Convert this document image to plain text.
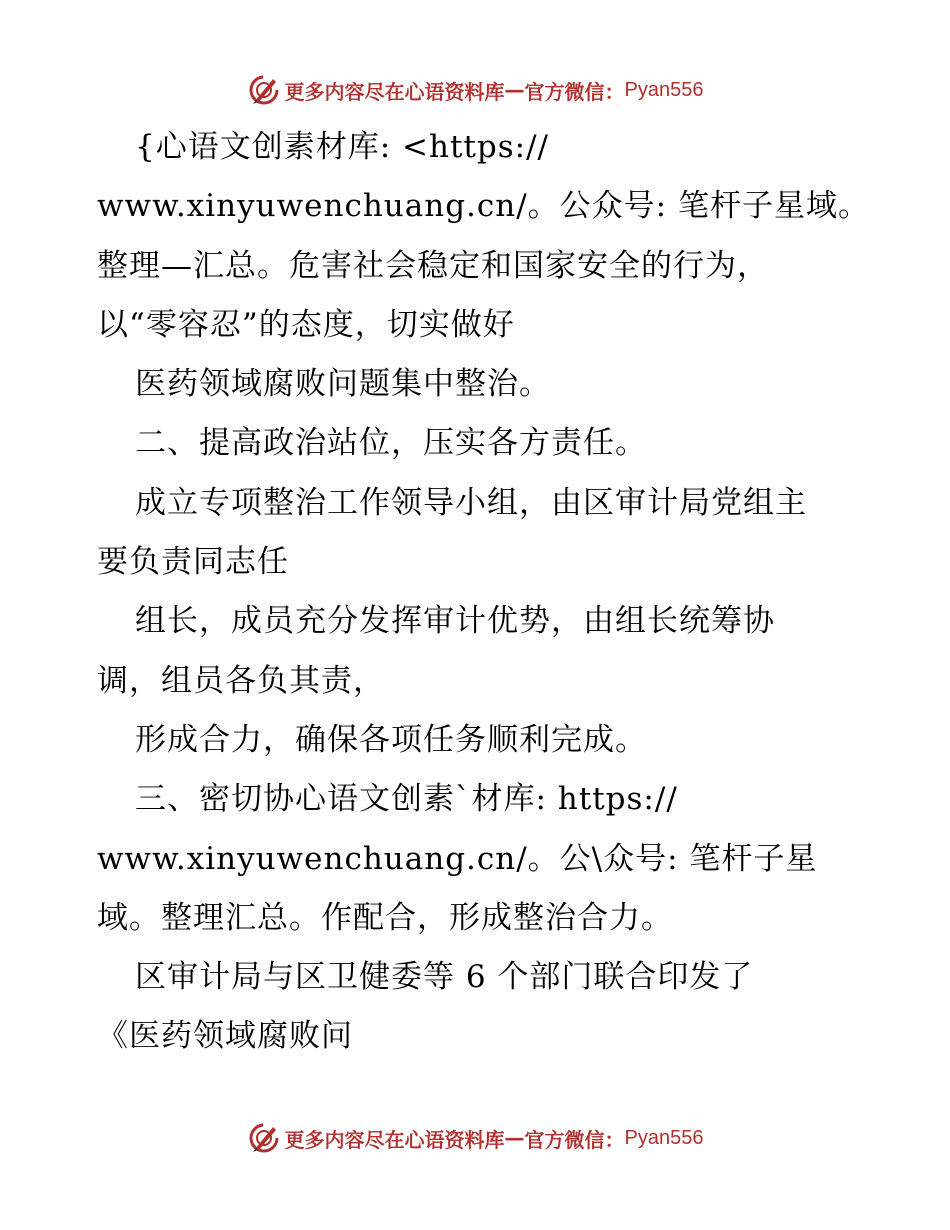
更多内容尽在心语资料库 — 官方微信： Pyan556
{心语文创素材库: <https://
www.xinyuwenchuang.cn/。公众号: 笔杆子星域。
整理—汇总。危害社会稳定和国家安全的行为，
以“零容忍”的态度，切实做好
医药领域腐败问题集中整治。
二、提高政治站位，压实各方责任。
成立专项整治工作领导小组，由区审计局党组主
要负责同志任
组长，成员充分发挥审计优势，由组长统筹协
调，组员各负其责，
形成合力，确保各项任务顺利完成。
三、密切协心语文创素`材库: https://
www.xinyuwenchuang.cn/。公\众号: 笔杆子星
域。整理汇总。作配合，形成整治合力。
区审计局与区卫健委等 6 个部门联合印发了
《医药领域腐败问
更多内容尽在心语资料库 — 官方微信： Pyan556
